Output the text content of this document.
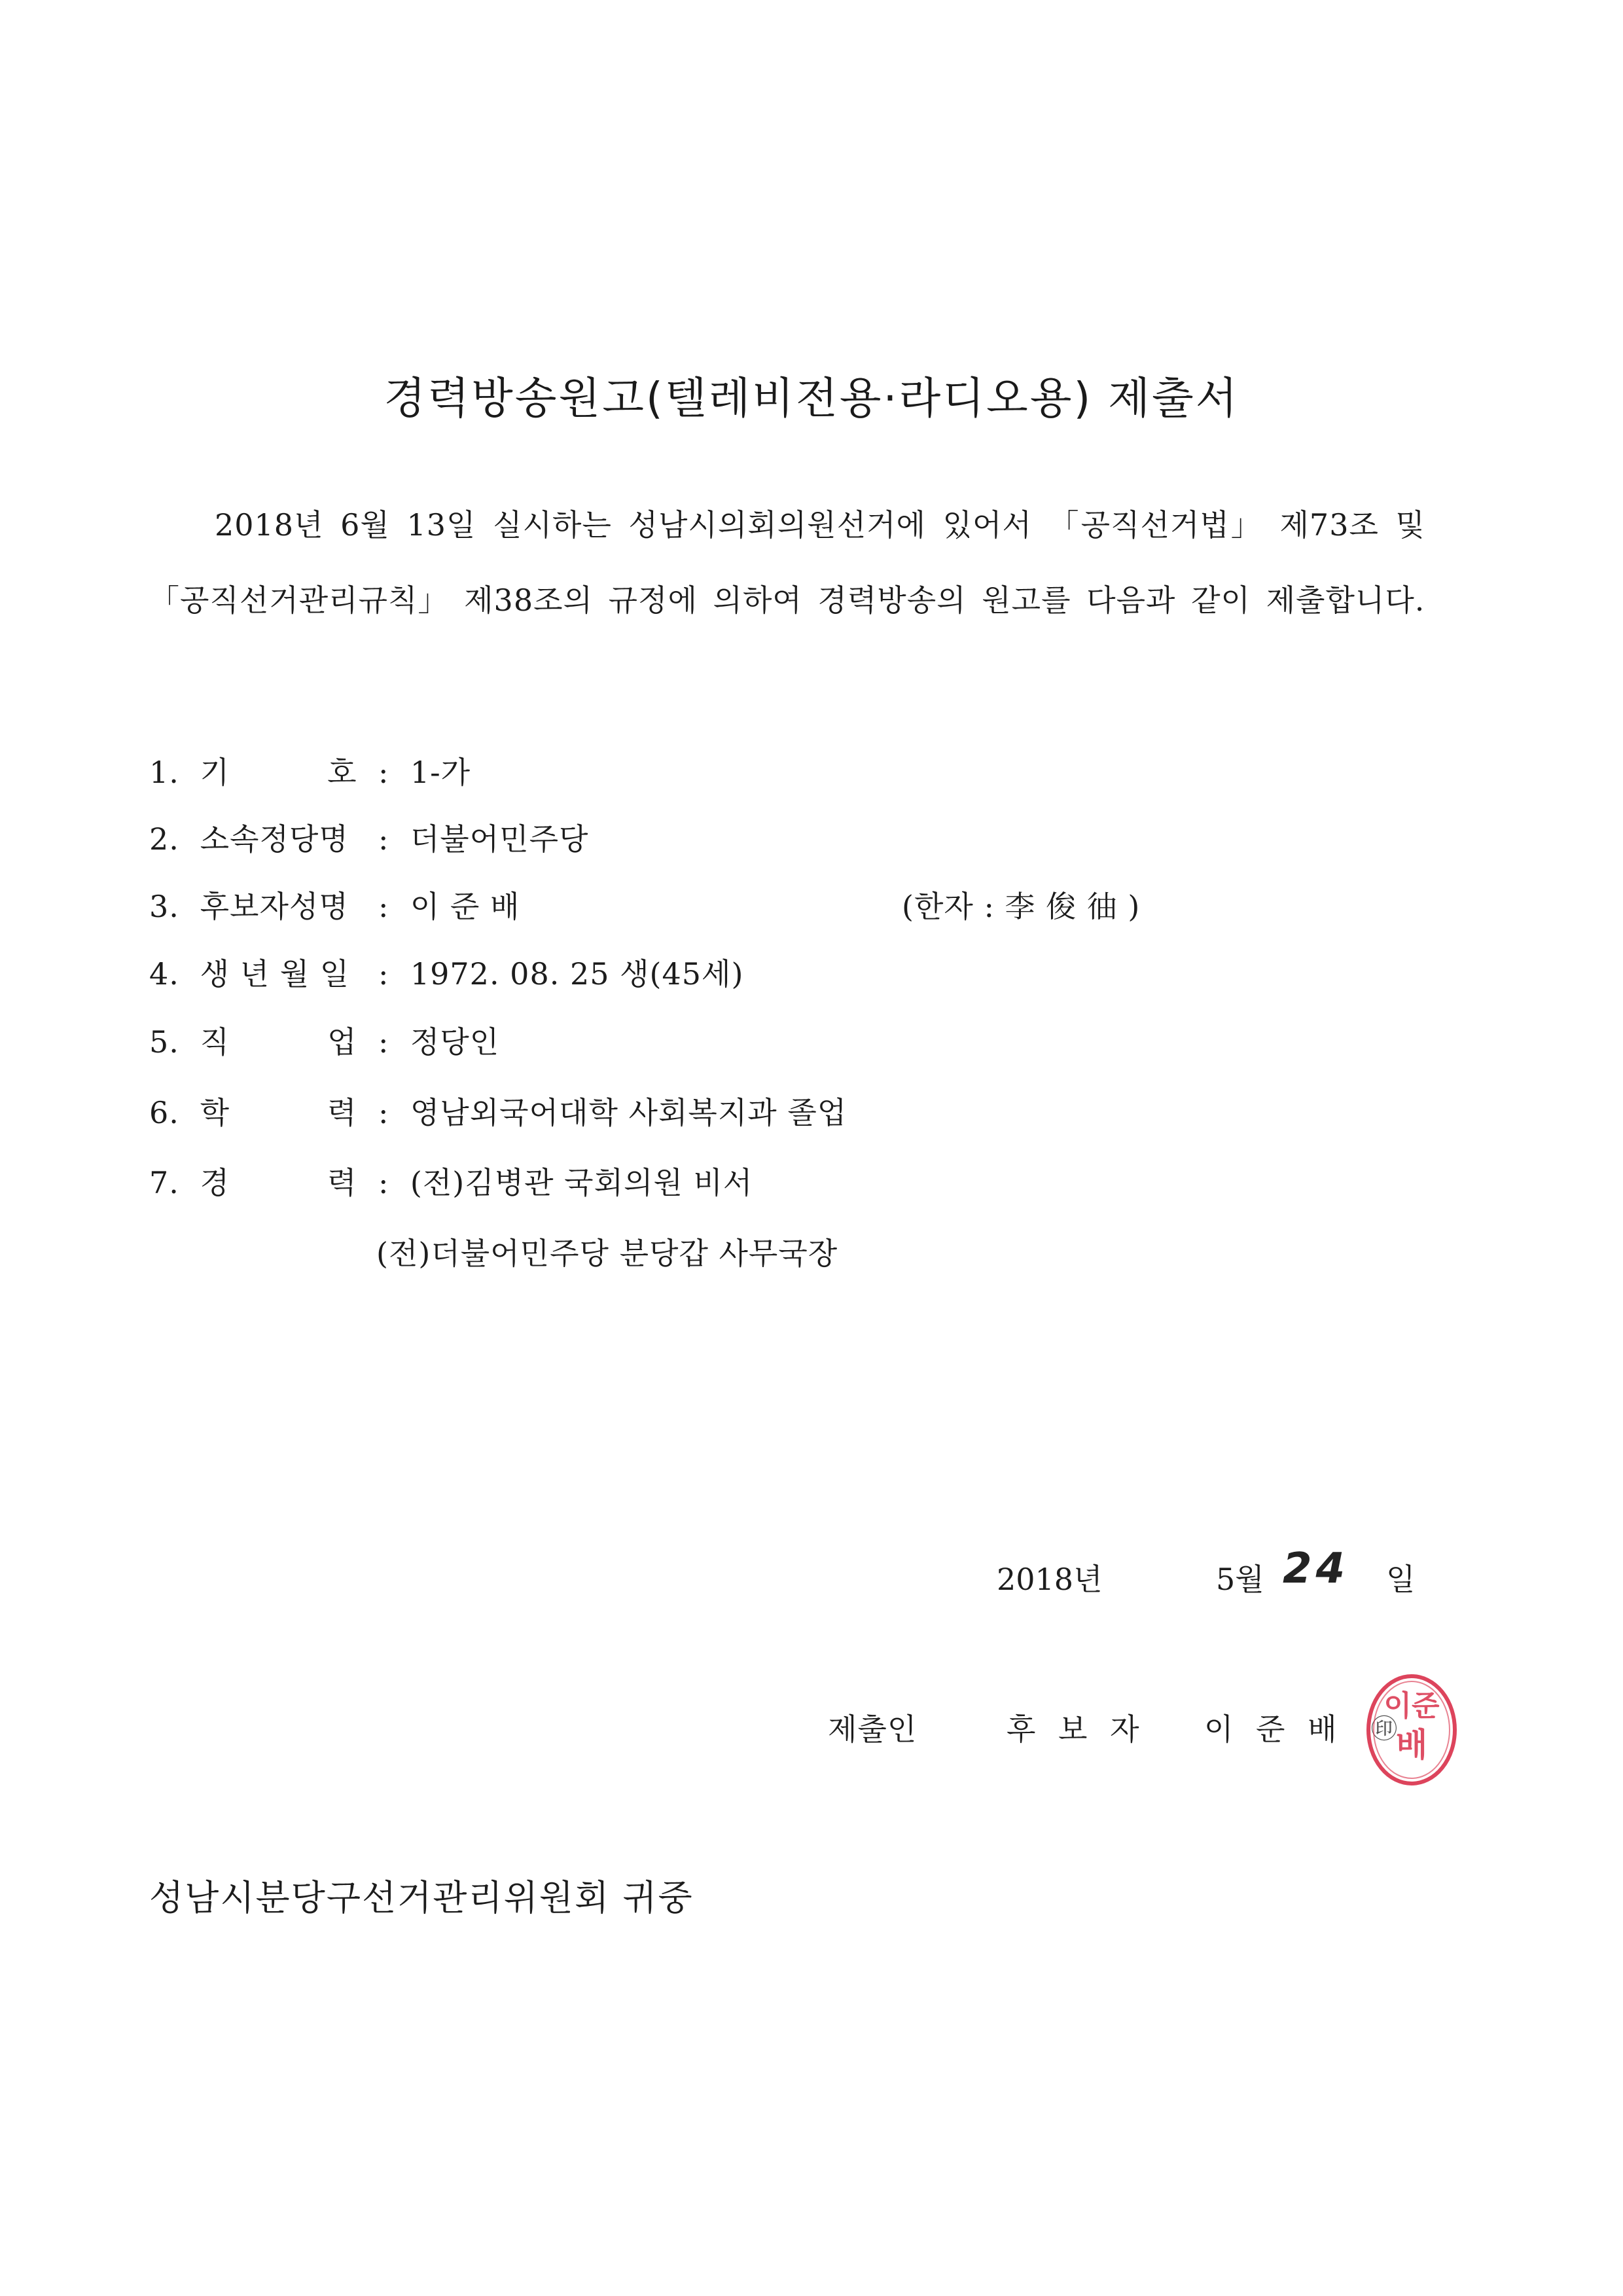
경력방송원고(텔레비전용·라디오용) 제출서
2018년 6월 13일 실시하는 성남시의회의원선거에 있어서 「공직선거법」 제73조 및 「공직선거관리규칙」 제38조의 규정에 의하여 경력방송의 원고를 다음과 같이 제출합니다.
1. 기 호 : 1-가
2. 소속정당명 : 더불어민주당
3. 후보자성명 : 이 준 배	(한자 : 李 俊 㣙 )
4. 생 년 월 일 : 1972. 08. 25 생(45세)
5. 직 업 : 정당인
6. 학 력 : 영남외국어대학 사회복지과 졸업
7. 경 력 : (전)김병관 국회의원 비서
(전)더불어민주당 분당갑 사무국장
2018년	5월 24 일
제출인	후 보 자 이 준 배 ㊞
이준
배
성남시분당구선거관리위원회 귀중
